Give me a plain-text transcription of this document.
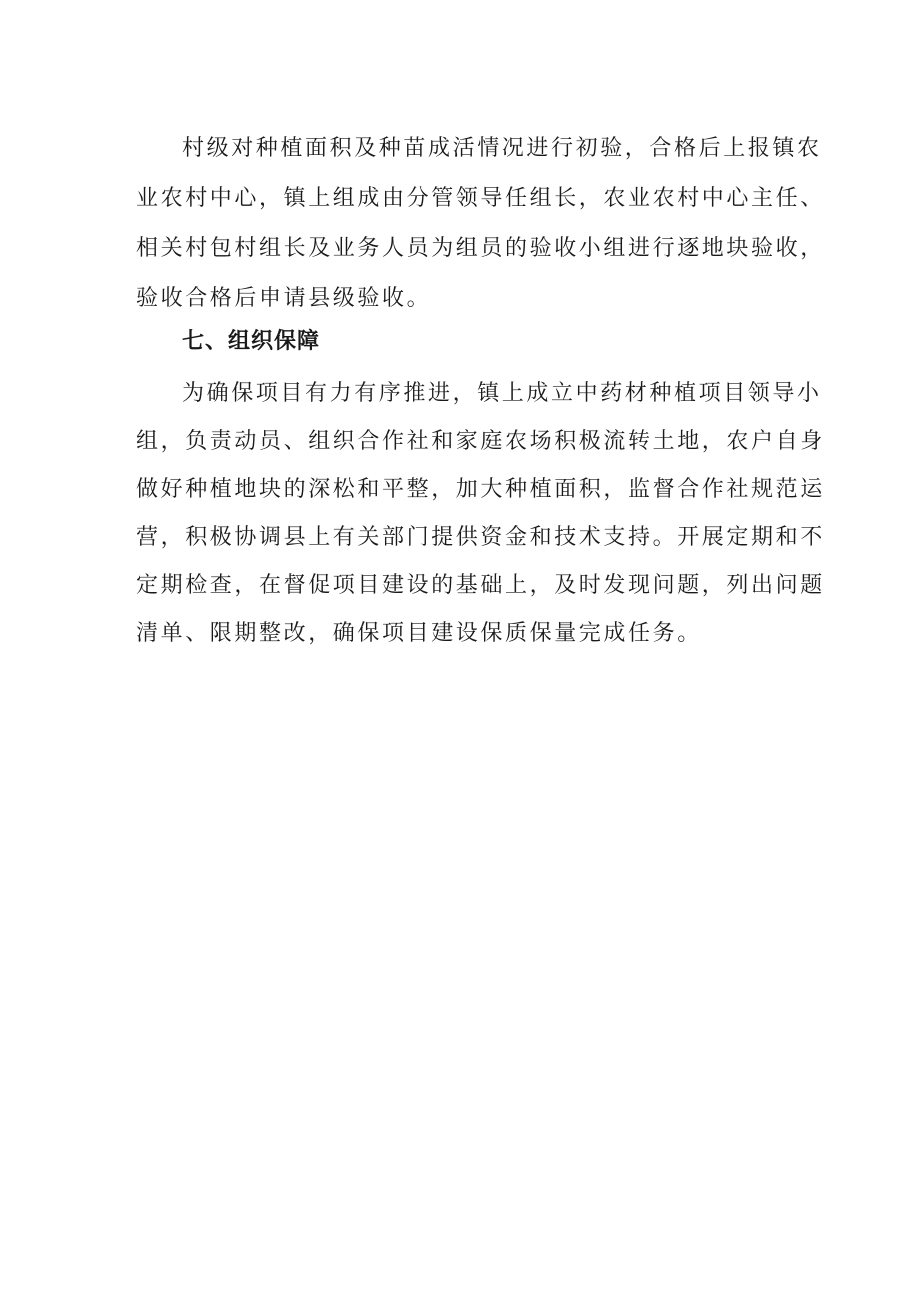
村级对种植面积及种苗成活情况进行初验，合格后上报镇农

业农村中心，镇上组成由分管领导任组长，农业农村中心主任、

相关村包村组长及业务人员为组员的验收小组进行逐地块验收，

验收合格后申请县级验收。

七、组织保障

为确保项目有力有序推进，镇上成立中药材种植项目领导小

组，负责动员、组织合作社和家庭农场积极流转土地，农户自身

做好种植地块的深松和平整，加大种植面积，监督合作社规范运

营，积极协调县上有关部门提供资金和技术支持。开展定期和不

定期检查，在督促项目建设的基础上，及时发现问题，列出问题

清单、限期整改，确保项目建设保质保量完成任务。
